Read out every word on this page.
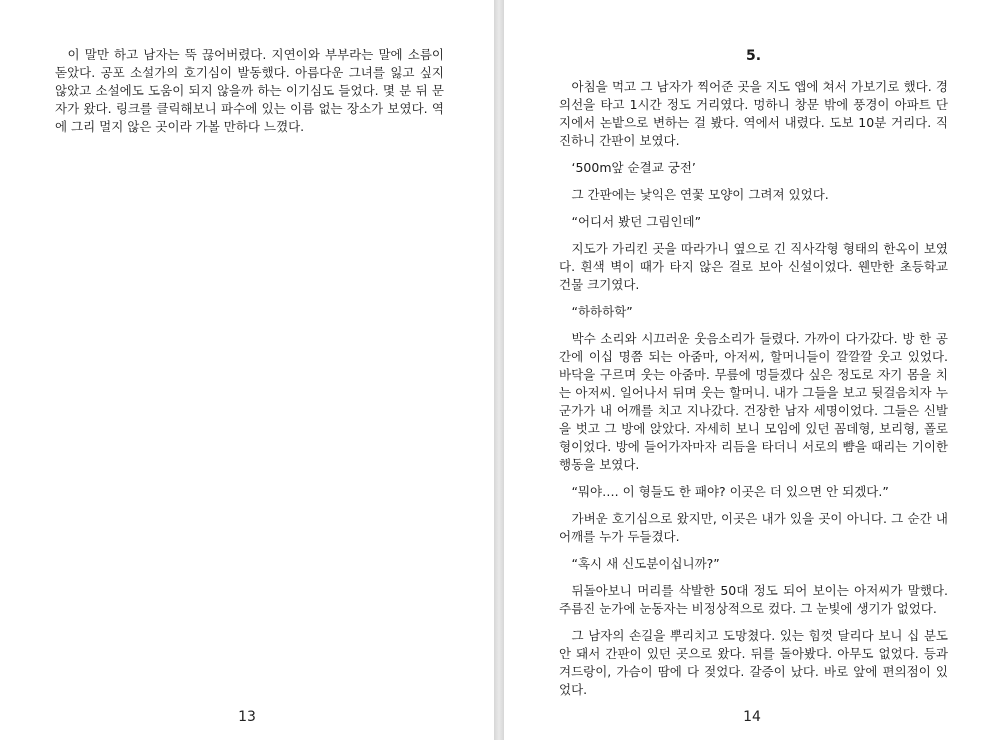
이 말만 하고 남자는 뚝 끊어버렸다. 지연이와 부부라는 말에 소름이 돋았다. 공포 소설가의 호기심이 발동했다. 아름다운 그녀를 잃고 싶지 않았고 소설에도 도움이 되지 않을까 하는 이기심도 들었다. 몇 분 뒤 문자가 왔다. 링크를 클릭해보니 파수에 있는 이름 없는 장소가 보였다. 역에 그리 멀지 않은 곳이라 가볼 만하다 느꼈다.

13
5.

아침을 먹고 그 남자가 찍어준 곳을 지도 앱에 쳐서 가보기로 했다. 경의선을 타고 1시간 정도 거리였다. 멍하니 창문 밖에 풍경이 아파트 단지에서 논밭으로 변하는 걸 봤다. 역에서 내렸다. 도보 10분 거리다. 직진하니 간판이 보였다.

‘500m앞 순결교 궁전’

그 간판에는 낯익은 연꽃 모양이 그려져 있었다.

“어디서 봤던 그림인데”

지도가 가리킨 곳을 따라가니 옆으로 긴 직사각형 형태의 한옥이 보였다. 흰색 벽이 때가 타지 않은 걸로 보아 신설이었다. 웬만한 초등학교 건물 크기였다.

“하하하학”

박수 소리와 시끄러운 웃음소리가 들렸다. 가까이 다가갔다. 방 한 공간에 이십 명쯤 되는 아줌마, 아저씨, 할머니들이 깔깔깔 웃고 있었다. 바닥을 구르며 웃는 아줌마. 무릎에 멍들겠다 싶은 정도로 자기 몸을 치는 아저씨. 일어나서 뒤며 웃는 할머니. 내가 그들을 보고 뒷걸음치자 누군가가 내 어깨를 치고 지나갔다. 건장한 남자 세명이었다. 그들은 신발을 벗고 그 방에 앉았다. 자세히 보니 모임에 있던 꼼데형, 보리형, 폴로형이었다. 방에 들어가자마자 리듬을 타더니 서로의 뺨을 때리는 기이한 행동을 보였다.

“뭐야…. 이 형들도 한 패야? 이곳은 더 있으면 안 되겠다.”

가벼운 호기심으로 왔지만, 이곳은 내가 있을 곳이 아니다. 그 순간 내 어깨를 누가 두들겼다.

“혹시 새 신도분이십니까?”

뒤돌아보니 머리를 삭발한 50대 정도 되어 보이는 아저씨가 말했다. 주름진 눈가에 눈동자는 비정상적으로 컸다. 그 눈빛에 생기가 없었다.

그 남자의 손길을 뿌리치고 도망쳤다. 있는 힘껏 달리다 보니 십 분도 안 돼서 간판이 있던 곳으로 왔다. 뒤를 돌아봤다. 아무도 없었다. 등과 겨드랑이, 가슴이 땀에 다 젖었다. 갈증이 났다. 바로 앞에 편의점이 있었다.

14
